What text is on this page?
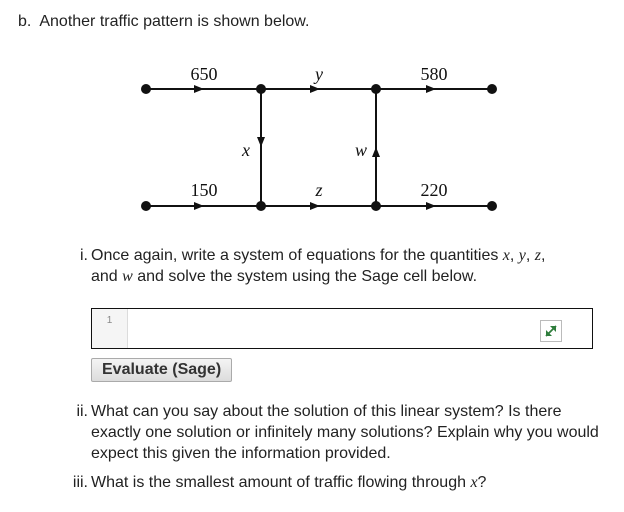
b. Another traffic pattern is shown below.
650	y	580
150	z	220
x	w
i. Once again, write a system of equations for the quantities x, y, z,
and w and solve the system using the Sage cell below.
1
Evaluate (Sage)
ii. What can you say about the solution of this linear system? Is there exactly one solution or infinitely many solutions? Explain why you would expect this given the information provided.
iii. What is the smallest amount of traffic flowing through x?
